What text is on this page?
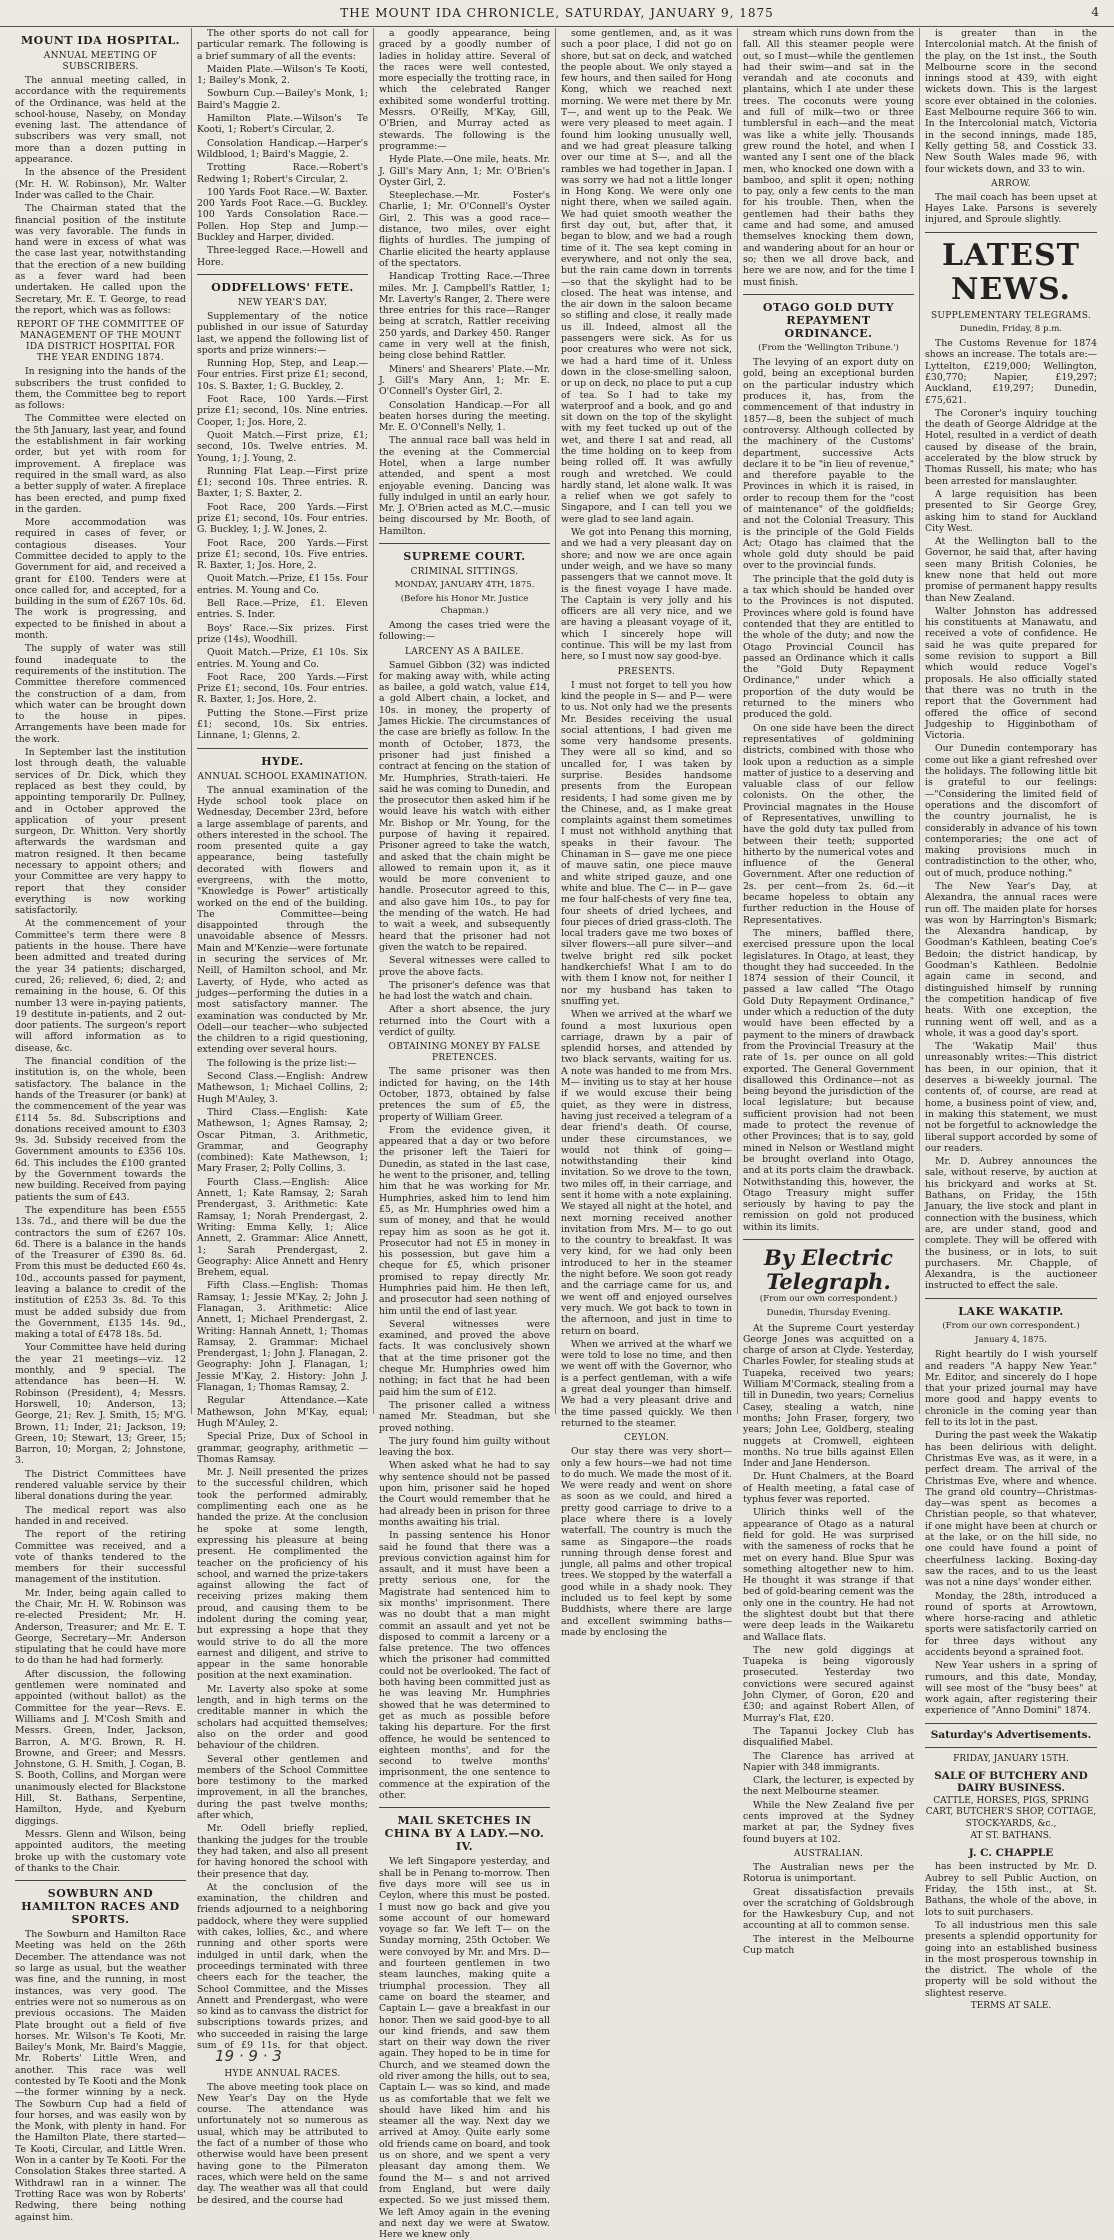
THE MOUNT IDA CHRONICLE, SATURDAY, JANUARY 9, 1875	4
MOUNT IDA HOSPITAL.
ANNUAL MEETING OF SUBSCRIBERS.

The annual meeting called, in accordance with the requirements of the Ordinance, was held at the school-house, Naseby, on Monday evening last. The attendance of subscribers was very small, not more than a dozen putting in appearance.

In the absence of the President (Mr. H. W. Robinson), Mr. Walter Inder was called to the Chair.

The Chairman stated that the financial position of the institute was very favorable. The funds in hand were in excess of what was the case last year, notwithstanding that the erection of a new building as a fever ward had been undertaken. He called upon the Secretary, Mr. E. T. George, to read the report, which was as follows:

REPORT OF THE COMMITTEE OF MANAGEMENT OF THE MOUNT IDA DISTRICT HOSPITAL FOR THE YEAR ENDING 1874.

In resigning into the hands of the subscribers the trust confided to them, the Committee beg to report as follows:

The Committee were elected on the 5th January, last year, and found the establishment in fair working order, but yet with room for improvement. A fireplace was required in the small ward, as also a better supply of water. A fireplace has been erected, and pump fixed in the garden.

More accommodation was required in cases of fever, or contagious diseases. Your Committee decided to apply to the Government for aid, and received a grant for £100. Tenders were at once called for, and accepted, for a building in the sum of £267 10s. 6d. The work is progressing, and expected to be finished in about a month.

The supply of water was still found inadequate to the requirements of the institution. The Committee therefore commenced the construction of a dam, from which water can be brought down to the house in pipes. Arrangements have been made for the work.

In September last the institution lost through death, the valuable services of Dr. Dick, which they replaced as best they could, by appointing temporarily Dr. Pullney, and in October approved the application of your present surgeon, Dr. Whitton. Very shortly afterwards the wardsman and matron resigned. It then became necessary to appoint others; and your Committee are very happy to report that they consider everything is now working satisfactorily.

At the commencement of your Committee's term there were 8 patients in the house. There have been admitted and treated during the year 34 patients; discharged, cured, 26; relieved, 6; died, 2; and remaining in the house, 6. Of this number 13 were in-paying patients, 19 destitute in-patients, and 2 out-door patients. The surgeon's report will afford information as to disease, &c.

The financial condition of the institution is, on the whole, been satisfactory. The balance in the hands of the Treasurer (or bank) at the commencement of the year was £114 5s. 8d. Subscriptions and donations received amount to £303 9s. 3d. Subsidy received from the Government amounts to £356 10s. 6d. This includes the £100 granted by the Government towards the new building. Received from paying patients the sum of £43.

The expenditure has been £555 13s. 7d., and there will be due the contractors the sum of £267 10s. 6d. There is a balance in the hands of the Treasurer of £390 8s. 6d. From this must be deducted £60 4s. 10d., accounts passed for payment, leaving a balance to credit of the institution of £253 3s. 8d. To this must be added subsidy due from the Government, £135 14s. 9d., making a total of £478 18s. 5d.

Your Committee have held during the year 21 meetings—viz. 12 monthly, and 9 special. The attendance has been—H. W. Robinson (President), 4; Messrs. Horswell, 10; Anderson, 13; George, 21; Rev. J. Smith, 15; M'G. Brown, 11; Inder, 21; Jackson, 19; Green, 10; Stewart, 13; Greer, 15; Barron, 10; Morgan, 2; Johnstone, 3.

The District Committees have rendered valuable service by their liberal donations during the year.

The medical report was also handed in and received.

The report of the retiring Committee was received, and a vote of thanks tendered to the members for their successful management of the institution.

Mr. Inder, being again called to the Chair, Mr. H. W. Robinson was re-elected President; Mr. H. Anderson, Treasurer; and Mr. E. T. George, Secretary—Mr. Anderson stipulating that he could have more to do than he had had formerly.

After discussion, the following gentlemen were nominated and appointed (without ballot) as the Committee for the year—Revs. E. Williams and J. M'Cosh Smith and Messrs. Green, Inder, Jackson, Barron, A. M'G. Brown, R. H. Browne, and Greer; and Messrs. Johnstone, G. H. Smith, J. Cogan, B. S. Booth, Collins, and Morgan were unanimously elected for Blackstone Hill, St. Bathans, Serpentine, Hamilton, Hyde, and Kyeburn diggings.

Messrs. Glenn and Wilson, being appointed auditors, the meeting broke up with the customary vote of thanks to the Chair.

SOWBURN AND HAMILTON RACES AND SPORTS.

The Sowburn and Hamilton Race Meeting was held on the 26th December. The attendance was not so large as usual, but the weather was fine, and the running, in most instances, was very good. The entries were not so numerous as on previous occasions. The Maiden Plate brought out a field of five horses. Mr. Wilson's Te Kooti, Mr. Bailey's Monk, Mr. Baird's Maggie, Mr. Roberts' Little Wren, and another. This race was well contested by Te Kooti and the Monk—the former winning by a neck. The Sowburn Cup had a field of four horses, and was easily won by the Monk, with plenty in hand. For the Hamilton Plate, there started—Te Kooti, Circular, and Little Wren. Won in a canter by Te Kooti. For the Consolation Stakes three started. A Withdrawl ran in a winner. The Trotting Race was won by Roberts' Redwing, there being nothing against him.

The other sports do not call for particular remark. The following is a brief summary of all the events:

Maiden Plate.—Wilson's Te Kooti, 1; Bailey's Monk, 2.

Sowburn Cup.—Bailey's Monk, 1; Baird's Maggie 2.

Hamilton Plate.—Wilson's Te Kooti, 1; Robert's Circular, 2.

Consolation Handicap.—Harper's Wildblood, 1; Baird's Maggie, 2.

Trotting Race.—Robert's Redwing 1; Robert's Circular, 2.

100 Yards Foot Race.—W. Baxter. 200 Yards Foot Race.—G. Buckley. 100 Yards Consolation Race.—Pollen. Hop Step and Jump.—Buckley and Harper, divided.

Three-legged Race.—Howell and Hore.

ODDFELLOWS' FETE.
NEW YEAR'S DAY.

Supplementary of the notice published in our issue of Saturday last, we append the following list of sports and prize winners:—

Running Hop, Step, and Leap.—Four entries. First prize £1; second, 10s. S. Baxter, 1; G. Buckley, 2.

Foot Race, 100 Yards.—First prize £1; second, 10s. Nine entries. Cooper, 1; Jos. Hore, 2.

Quoit Match.—First prize, £1; second, 10s. Twelve entries. M. Young, 1; J. Young, 2.

Running Flat Leap.—First prize £1; second 10s. Three entries. R. Baxter, 1; S. Baxter, 2.

Foot Race, 200 Yards.—First prize £1; second, 10s. Four entries. G. Buckley, 1; J. W. Jones, 2.

Foot Race, 200 Yards.—First prize £1; second, 10s. Five entries. R. Baxter, 1; Jos. Hore, 2.

Quoit Match.—Prize, £1 15s. Four entries. M. Young and Co.

Bell Race.—Prize, £1. Eleven entries. S. Inder.

Boys' Race.—Six prizes. First prize (14s), Woodhill.

Quoit Match.—Prize, £1 10s. Six entries. M. Young and Co.

Foot Race, 200 Yards.—First Prize £1; second, 10s. Four entries. R. Baxter, 1; Jos. Hore, 2.

Putting the Stone.—First prize £1; second, 10s. Six entries. Linnane, 1; Glenns, 2.

HYDE.
ANNUAL SCHOOL EXAMINATION.

The annual examination of the Hyde school took place on Wednesday, December 23rd, before a large assemblage of parents, and others interested in the school. The room presented quite a gay appearance, being tastefully decorated with flowers and evergreens, with the motto, "Knowledge is Power" artistically worked on the end of the building. The Committee—being disappointed through the unavoidable absence of Messrs. Main and M'Kenzie—were fortunate in securing the services of Mr. Neill, of Hamilton school, and Mr. Laverty, of Hyde, who acted as judges—performing the duties in a most satisfactory manner. The examination was conducted by Mr. Odell—our teacher—who subjected the children to a rigid questioning, extending over several hours.

The following is the prize list:—

Second Class.—English: Andrew Mathewson, 1; Michael Collins, 2; Hugh M'Auley, 3.

Third Class.—English: Kate Mathewson, 1; Agnes Ramsay, 2; Oscar Pitman, 3. Arithmetic, Grammar, and Geography (combined): Kate Mathewson, 1; Mary Fraser, 2; Polly Collins, 3.

Fourth Class.—English: Alice Annett, 1; Kate Ramsay, 2; Sarah Prendergast, 3. Arithmetic: Kate Ramsay, 1; Norah Prendergast, 2. Writing: Emma Kelly, 1; Alice Annett, 2. Grammar: Alice Annett, 1; Sarah Prendergast, 2. Geography: Alice Annett and Henry Brehem, equal.

Fifth Class.—English: Thomas Ramsay, 1; Jessie M'Kay, 2; John J. Flanagan, 3. Arithmetic: Alice Annett, 1; Michael Prendergast, 2. Writing: Hannah Annett, 1; Thomas Ramsay, 2. Grammar: Michael Prendergast, 1; John J. Flanagan, 2. Geography: John J. Flanagan, 1; Jessie M'Kay, 2. History: John J. Flanagan, 1; Thomas Ramsay, 2.

Regular Attendance.—Kate Mathewson, John M'Kay, equal; Hugh M'Auley, 2.

Special Prize, Dux of School in grammar, geography, arithmetic — Thomas Ramsay.

Mr. J. Neill presented the prizes to the successful children, which took the performed admirably, complimenting each one as he handed the prize. At the conclusion he spoke at some length, expressing his pleasure at being present. He complimented the teacher on the proficiency of his school, and warned the prize-takers against allowing the fact of receiving prizes making them proud, and causing them to be indolent during the coming year, but expressing a hope that they would strive to do all the more earnest and diligent, and strive to appear in the same honorable position at the next examination.

Mr. Laverty also spoke at some length, and in high terms on the creditable manner in which the scholars had acquitted themselves; also on the order and good behaviour of the children.

Several other gentlemen and members of the School Committee bore testimony to the marked improvement, in all the branches, during the past twelve months; after which,

Mr. Odell briefly replied, thanking the judges for the trouble they had taken, and also all present for having honored the school with their presence that day.

At the conclusion of the examination, the children and friends adjourned to a neighboring paddock, where they were supplied with cakes, lollies, &c., and where running and other sports were indulged in until dark, when the proceedings terminated with three cheers each for the teacher, the School Committee, and the Misses Annett and Prendergast, who were so kind as to canvass the district for subscriptions towards prizes, and who succeeded in raising the large sum of £9 11s. for that object.19 · 9 · 3

HYDE ANNUAL RACES.

The above meeting took place on New Year's Day on the Hyde course. The attendance was unfortunately not so numerous as usual, which may be attributed to the fact of a number of those who otherwise would have been present having gone to the Pilmeraton races, which were held on the same day. The weather was all that could be desired, and the course had

a goodly appearance, being graced by a goodly number of ladies in holiday attire. Several of the races were well contested, more especially the trotting race, in which the celebrated Ranger exhibited some wonderful trotting. Messrs. O'Reilly, M'Kay, Gill, O'Brien, and Murray acted as stewards. The following is the programme:—

Hyde Plate.—One mile, heats. Mr. J. Gill's Mary Ann, 1; Mr. O'Brien's Oyster Girl, 2.

Steeplechase.—Mr. Foster's Charlie, 1; Mr. O'Connell's Oyster Girl, 2. This was a good race—distance, two miles, over eight flights of hurdles. The jumping of Charlie elicited the hearty applause of the spectators.

Handicap Trotting Race.—Three miles. Mr. J. Campbell's Rattler, 1; Mr. Laverty's Ranger, 2. There were three entries for this race—Ranger being at scratch, Rattler receiving 250 yards, and Darkey 450. Ranger came in very well at the finish, being close behind Rattler.

Miners' and Shearers' Plate.—Mr. J. Gill's Mary Ann, 1; Mr. E. O'Connell's Oyster Girl, 2.

Consolation Handicap.—For all beaten horses during the meeting. Mr. E. O'Connell's Nelly, 1.

The annual race ball was held in the evening at the Commercial Hotel, when a large number attended, and spent a most enjoyable evening. Dancing was fully indulged in until an early hour. Mr. J. O'Brien acted as M.C.—music being discoursed by Mr. Booth, of Hamilton.

SUPREME COURT.
CRIMINAL SITTINGS.
MONDAY, JANUARY 4TH, 1875.
(Before his Honor Mr. Justice Chapman.)

Among the cases tried were the following:—

LARCENY AS A BAILEE.

Samuel Gibbon (32) was indicted for making away with, while acting as bailee, a gold watch, value £14, a gold Albert chain, a locket, and 10s. in money, the property of James Hickie. The circumstances of the case are briefly as follow. In the month of October, 1873, the prisoner had just finished a contract at fencing on the station of Mr. Humphries, Strath-taieri. He said he was coming to Dunedin, and the prosecutor then asked him if he would leave his watch with either Mr. Bishop or Mr. Young, for the purpose of having it repaired. Prisoner agreed to take the watch, and asked that the chain might be allowed to remain upon it, as it would be more convenient to handle. Prosecutor agreed to this, and also gave him 10s., to pay for the mending of the watch. He had to wait a week, and subsequently heard that the prisoner had not given the watch to be repaired.

Several witnesses were called to prove the above facts.

The prisoner's defence was that he had lost the watch and chain.

After a short absence, the jury returned into the Court with a verdict of guilty.

OBTAINING MONEY BY FALSE PRETENCES.

The same prisoner was then indicted for having, on the 14th October, 1873, obtained by false pretences the sum of £5, the property of William Greer.

From the evidence given, it appeared that a day or two before the prisoner left the Taieri for Dunedin, as stated in the last case, he went to the prisoner, and, telling him that he was working for Mr. Humphries, asked him to lend him £5, as Mr. Humphries owed him a sum of money, and that he would repay him as soon as he got it. Prosecutor had not £5 in money in his possession, but gave him a cheque for £5, which prisoner promised to repay directly Mr. Humphries paid him. He then left, and prosecutor had seen nothing of him until the end of last year.

Several witnesses were examined, and proved the above facts. It was conclusively shown that at the time prisoner got the cheque Mr. Humphries owed him nothing; in fact that he had been paid him the sum of £12.

The prisoner called a witness named Mr. Steadman, but she proved nothing.

The jury found him guilty without leaving the box.

When asked what he had to say why sentence should not be passed upon him, prisoner said he hoped the Court would remember that he had already been in prison for three months awaiting his trial.

In passing sentence his Honor said he found that there was a previous conviction against him for assault, and it must have been a pretty serious one, for the Magistrate had sentenced him to six months' imprisonment. There was no doubt that a man might commit an assault and yet not be disposed to commit a larceny or a false pretence. The two offences which the prisoner had committed could not be overlooked. The fact of both having been committed just as he was leaving Mr. Humphries showed that he was determined to get as much as possible before taking his departure. For the first offence, he would be sentenced to eighteen months', and for the second to twelve months' imprisonment, the one sentence to commence at the expiration of the other.

MAIL SKETCHES IN CHINA BY A LADY.—NO. IV.

We left Singapore yesterday, and shall be in Penang to-morrow. Then five days more will see us in Ceylon, where this must be posted. I must now go back and give you some account of our homeward voyage so far. We left T— on the Sunday morning, 25th October. We were convoyed by Mr. and Mrs. D— and fourteen gentlemen in two steam launches, making quite a triumphal procession. They all came on board the steamer, and Captain L— gave a breakfast in our honor. Then we said good-bye to all our kind friends, and saw them start on their way down the river again. They hoped to be in time for Church, and we steamed down the old river among the hills, out to sea, Captain L— was so kind, and made us as comfortable that we felt we should have liked him and his steamer all the way. Next day we arrived at Amoy. Quite early some old friends came on board, and took us on shore, and we spent a very pleasant day among them. We found the M— s and not arrived from England, but were daily expected. So we just missed them. We left Amoy again in the evening and next day we were at Swatow. Here we knew only

some gentlemen, and, as it was such a poor place, I did not go on shore, but sat on deck, and watched the people about. We only stayed a few hours, and then sailed for Hong Kong, which we reached next morning. We were met there by Mr. T—, and went up to the Peak. We were very pleased to meet again. I found him looking unusually well, and we had great pleasure talking over our time at S—, and all the rambles we had together in Japan. I was sorry we had not a little longer in Hong Kong. We were only one night there, when we sailed again. We had quiet smooth weather the first day out, but, after that, it began to blow, and we had a rough time of it. The sea kept coming in everywhere, and not only the sea, but the rain came down in torrents—so that the skylight had to be closed. The heat was intense, and the air down in the saloon became so stifling and close, it really made us ill. Indeed, almost all the passengers were sick. As for us poor creatures who were not sick, we had a hard time of it. Unless down in the close-smelling saloon, or up on deck, no place to put a cup of tea. So I had to take my waterproof and a book, and go and sit down on the top of the skylight with my feet tucked up out of the wet, and there I sat and read, all the time holding on to keep from being rolled off. It was awfully rough and wretched. We could hardly stand, let alone walk. It was a relief when we got safely to Singapore, and I can tell you we were glad to see land again.

We got into Penang this morning, and we had a very pleasant day on shore; and now we are once again under weigh, and we have so many passengers that we cannot move. It is the finest voyage I have made. The Captain is very jolly and his officers are all very nice, and we are having a pleasant voyage of it, which I sincerely hope will continue. This will be my last from here, so I must now say good-bye.

PRESENTS.

I must not forget to tell you how kind the people in S— and P— were to us. Not only had we the presents Mr. Besides receiving the usual social attentions, I had given me some very handsome presents. They were all so kind, and so uncalled for, I was taken by surprise. Besides handsome presents from the European residents, I had some given me by the Chinese, and, as I make great complaints against them sometimes I must not withhold anything that speaks in their favour. The Chinaman in S— gave me one piece of mauve satin, one piece mauve and white striped gauze, and one white and blue. The C— in P— gave me four half-chests of very fine tea, four sheets of dried lychees, and four pieces of dried grass-cloth. The local traders gave me two boxes of silver flowers—all pure silver—and twelve bright red silk pocket handkerchiefs! What I am to do with them I know not, for neither I nor my husband has taken to snuffing yet.

When we arrived at the wharf we found a most luxurious open carriage, drawn by a pair of splendid horses, and attended by two black servants, waiting for us. A note was handed to me from Mrs. M— inviting us to stay at her house if we would excuse their being quiet, as they were in distress, having just received a telegram of a dear friend's death. Of course, under these circumstances, we would not think of going—notwithstanding their kind invitation. So we drove to the town, two miles off, in their carriage, and sent it home with a note explaining. We stayed all night at the hotel, and next morning received another invitation from Mrs. M— to go out to the country to breakfast. It was very kind, for we had only been introduced to her in the steamer the night before. We soon got ready and the carriage came for us, and we went off and enjoyed ourselves very much. We got back to town in the afternoon, and just in time to return on board.

When we arrived at the wharf we were told to lose no time, and then we went off with the Governor, who is a perfect gentleman, with a wife a great deal younger than himself. We had a very pleasant drive and the time passed quickly. We then returned to the steamer.

CEYLON.

Our stay there was very short—only a few hours—we had not time to do much. We made the most of it. We were ready and went on shore as soon as we could, and hired a pretty good carriage to drive to a place where there is a lovely waterfall. The country is much the same as Singapore—the roads running through dense forest and jungle, all palms and other tropical trees. We stopped by the waterfall a good while in a shady nook. They included us to feel kept by some Buddhists, where there are large and excellent swimming baths—made by enclosing the

stream which runs down from the fall. All this steamer people were out, so I must—while the gentlemen had their swim—and sat in the verandah and ate coconuts and plantains, which I ate under these trees. The coconuts were young and full of milk—two or three tumblersful in each—and the meat was like a white jelly. Thousands grew round the hotel, and when I wanted any I sent one of the black men, who knocked one down with a bamboo, and split it open; nothing to pay, only a few cents to the man for his trouble. Then, when the gentlemen had their baths they came and had some, and amused themselves knocking them down, and wandering about for an hour or so; then we all drove back, and here we are now, and for the time I must finish.

OTAGO GOLD DUTY REPAYMENT ORDINANCE.
(From the 'Wellington Tribune.')

The levying of an export duty on gold, being an exceptional burden on the particular industry which produces it, has, from the commencement of that industry in 1857—8, been the subject of much controversy. Although collected by the machinery of the Customs' department, successive Acts declare it to be "in lieu of revenue," and therefore payable to the Provinces in which it is raised, in order to recoup them for the "cost of maintenance" of the goldfields; and not the Colonial Treasury. This is the principle of the Gold Fields Act; Otago has claimed that the whole gold duty should be paid over to the provincial funds.

The principle that the gold duty is a tax which should be handed over to the Provinces is not disputed. Provinces where gold is found have contended that they are entitled to the whole of the duty; and now the Otago Provincial Council has passed an Ordinance which it calls the "Gold Duty Repayment Ordinance," under which a proportion of the duty would be returned to the miners who produced the gold.

On one side have been the direct representatives of goldmining districts, combined with those who look upon a reduction as a simple matter of justice to a deserving and valuable class of our fellow colonists. On the other, the Provincial magnates in the House of Representatives, unwilling to have the gold duty tax pulled from between their teeth; supported hitherto by the numerical votes and influence of the General Government. After one reduction of 2s. per cent—from 2s. 6d.—it became hopeless to obtain any further reduction in the House of Representatives.

The miners, baffled there, exercised pressure upon the local legislatures. In Otago, at least, they thought they had succeeded. In the 1874 session of their Council, it passed a law called "The Otago Gold Duty Repayment Ordinance," under which a reduction of the duty would have been effected by a payment to the miners of drawback from the Provincial Treasury at the rate of 1s. per ounce on all gold exported. The General Government disallowed this Ordinance—not as being beyond the jurisdiction of the local legislature; but because sufficient provision had not been made to protect the revenue of other Provinces; that is to say, gold mined in Nelson or Westland might be brought overland into Otago, and at its ports claim the drawback. Notwithstanding this, however, the Otago Treasury might suffer seriously by having to pay the remission on gold not produced within its limits.

By Electric Telegraph.
(From our own correspondent.)
Dunedin, Thursday Evening.

At the Supreme Court yesterday George Jones was acquitted on a charge of arson at Clyde. Yesterday, Charles Fowler, for stealing studs at Tuapeka, received two years; William M'Cormack, stealing from a till in Dunedin, two years; Cornelius Casey, stealing a watch, nine months; John Fraser, forgery, two years; John Lee, Goldberg, stealing nuggets at Cromwell, eighteen months. No true bills against Ellen Inder and Jane Henderson.

Dr. Hunt Chalmers, at the Board of Health meeting, a fatal case of typhus fever was reported.

Ulirich thinks well of the appearance of Otago as a natural field for gold. He was surprised with the sameness of rocks that he met on every hand. Blue Spur was something altogether new to him. He thought it was strange if that bed of gold-bearing cement was the only one in the country. He had not the slightest doubt but that there were deep leads in the Waikaretu and Wallace flats.

The new gold diggings at Tuapeka is being vigorously prosecuted. Yesterday two convictions were secured against John Clymer, of Goron, £20 and £30; and against Robert Allen, of Murray's Flat, £20.

The Tapanui Jockey Club has disqualified Mabel.

The Clarence has arrived at Napier with 348 immigrants.

Clark, the lecturer, is expected by the next Melbourne steamer.

While the New Zealand five per cents improved at the Sydney market at par, the Sydney fives found buyers at 102.

AUSTRALIAN.

The Australian news per the Rotorua is unimportant.

Great dissatisfaction prevails over the scratching of Goldsbrough for the Hawkesbury Cup, and not accounting at all to common sense.

The interest in the Melbourne Cup match

is greater than in the Intercolonial match. At the finish of the play, on the 1st inst., the South Melbourne score in the second innings stood at 439, with eight wickets down. This is the largest score ever obtained in the colonies. East Melbourne require 366 to win. In the Intercolonial match, Victoria in the second innings, made 185, Kelly getting 58, and Cosstick 33. New South Wales made 96, with four wickets down, and 33 to win.

ARROW.

The mail coach has been upset at Hayes Lake. Parsons is severely injured, and Sproule slightly.

LATEST NEWS.
SUPPLEMENTARY TELEGRAMS.
Dunedin, Friday, 8 p.m.

The Customs Revenue for 1874 shows an increase. The totals are:—Lyttelton, £219,000; Wellington, £30,770; Napier, £19,297; Auckland, £19,297; Dunedin, £75,621.

The Coroner's inquiry touching the death of George Aldridge at the Hotel, resulted in a verdict of death caused by disease of the brain, accelerated by the blow struck by Thomas Russell, his mate; who has been arrested for manslaughter.

A large requisition has been presented to Sir George Grey, asking him to stand for Auckland City West.

At the Wellington ball to the Governor, he said that, after having seen many British Colonies, he knew none that held out more promise of permanent happy results than New Zealand.

Walter Johnston has addressed his constituents at Manawatu, and received a vote of confidence. He said he was quite prepared for some revision to support a Bill which would reduce Vogel's proposals. He also officially stated that there was no truth in the report that the Government had offered the office of second Judgeship to Higginbotham of Victoria.

Our Dunedin contemporary has come out like a giant refreshed over the holidays. The following little bit is grateful to our feelings:—"Considering the limited field of operations and the discomfort of the country journalist, he is considerably in advance of his town contemporaries; the one act of making provisions much in contradistinction to the other, who, out of much, produce nothing."

The New Year's Day, at Alexandra, the annual races were run off. The maiden plate for horses was won by Harrington's Bismark; the Alexandra handicap, by Goodman's Kathleen, beating Coe's Bedoin; the district handicap, by Goodman's Kathleen. Bedolnie again came in second, and distinguished himself by running the competition handicap of five heats. With one exception, the running went off well, and as a whole, it was a good day's sport.

The 'Wakatip Mail' thus unreasonably writes:—This district has been, in our opinion, that it deserves a bi-weekly journal. The contents of, of course, are read at home, a business point of view, and, in making this statement, we must not be forgetful to acknowledge the liberal support accorded by some of our readers.

Mr. D. Aubrey announces the sale, without reserve, by auction at his brickyard and works at St. Bathans, on Friday, the 15th January, the live stock and plant in connection with the business, which are, are under stand, good and complete. They will be offered with the business, or in lots, to suit purchasers. Mr. Chapple, of Alexandra, is the auctioneer instructed to effect the sale.

LAKE WAKATIP.
(From our own correspondent.)
January 4, 1875.

Right heartily do I wish yourself and readers "A happy New Year." Mr. Editor, and sincerely do I hope that your prized journal may have more good and happy events to chronicle in the coming year than fell to its lot in the past.

During the past week the Wakatip has been delirious with delight. Christmas Eve was, as it were, in a perfect dream. The arrival of the Christmas Eve, where and whence. The grand old country—Christmas-day—was spent as becomes a Christian people, so that whatever, if one might have been at church or at the lake, or on the hill side, no one could have found a point of cheerfulness lacking. Boxing-day saw the races, and to us the least was not a nine days' wonder either.

Monday, the 28th, introduced a round of sports at Arrowtown, where horse-racing and athletic sports were satisfactorily carried on for three days without any accidents beyond a sprained foot.

New Year ushers in a spring of rumours, and this date, Monday, will see most of the "busy bees" at work again, after registering their experience of "Anno Domini" 1874.

Saturday's Advertisements.
FRIDAY, JANUARY 15TH.
SALE OF BUTCHERY AND DAIRY BUSINESS.
CATTLE, HORSES, PIGS, SPRING CART, BUTCHER'S SHOP, COTTAGE, STOCK-YARDS, &c.,
AT ST. BATHANS.
J. C. CHAPPLE

has been instructed by Mr. D. Aubrey to sell Public Auction, on Friday, the 15th inst., at St. Bathans, the whole of the above, in lots to suit purchasers.

To all industrious men this sale presents a splendid opportunity for going into an established business in the most prosperous township in the district. The whole of the property will be sold without the slightest reserve.

TERMS AT SALE.
